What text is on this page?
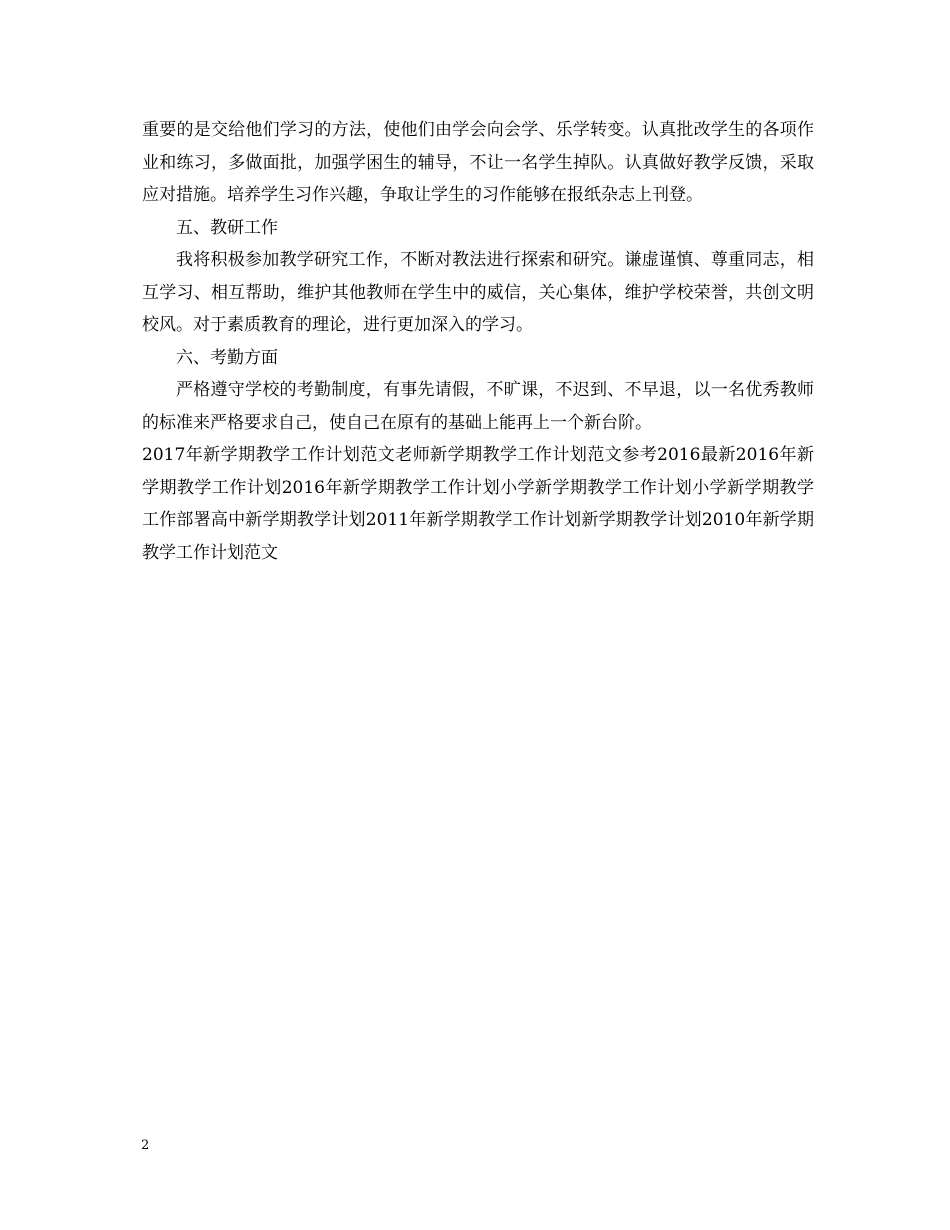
重要的是交给他们学习的方法，使他们由学会向会学、乐学转变。认真批改学生的各项作业和练习，多做面批，加强学困生的辅导，不让一名学生掉队。认真做好教学反馈，采取应对措施。培养学生习作兴趣，争取让学生的习作能够在报纸杂志上刊登。

五、教研工作

我将积极参加教学研究工作，不断对教法进行探索和研究。谦虚谨慎、尊重同志，相互学习、相互帮助，维护其他教师在学生中的威信，关心集体，维护学校荣誉，共创文明校风。对于素质教育的理论，进行更加深入的学习。

六、考勤方面

严格遵守学校的考勤制度，有事先请假，不旷课，不迟到、不早退，以一名优秀教师的标准来严格要求自己，使自己在原有的基础上能再上一个新台阶。

2017年新学期教学工作计划范文老师新学期教学工作计划范文参考2016最新2016年新学期教学工作计划2016年新学期教学工作计划小学新学期教学工作计划小学新学期教学工作部署高中新学期教学计划2011年新学期教学工作计划新学期教学计划2010年新学期教学工作计划范文

2
